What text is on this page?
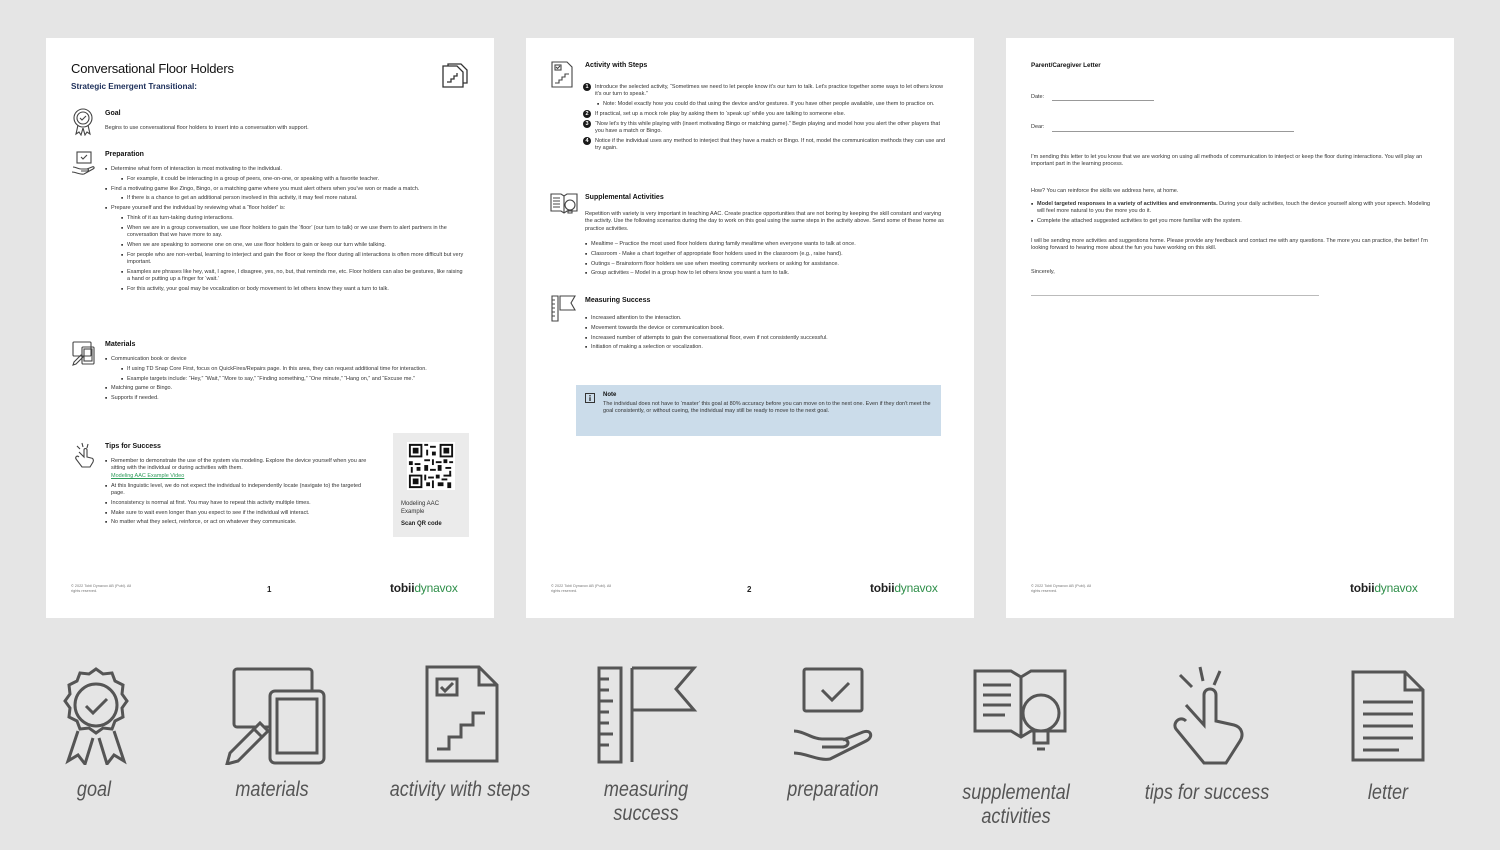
Conversational Floor Holders
Strategic Emergent Transitional:
Goal
Begins to use conversational floor holders to insert into a conversation with support.
Preparation

■ Determine what form of interaction is most motivating to the individual.

■ For example, it could be interacting in a group of peers, one-on-one, or speaking with a favorite teacher.

■ Find a motivating game like Zingo, Bingo, or a matching game where you must alert others when you've won or made a match.

■ If there is a chance to get an additional person involved in this activity, it may feel more natural.

■ Prepare yourself and the individual by reviewing what a “floor holder” is:

■ Think of it as turn-taking during interactions.

■ When we are in a group conversation, we use floor holders to gain the ‘floor’ (our turn to talk) or we use them to alert partners in the conversation that we have more to say.

■ When we are speaking to someone one on one, we use floor holders to gain or keep our turn while talking.

■ For people who are non-verbal, learning to interject and gain the floor or keep the floor during all interactions is often more difficult but very important.

■ Examples are phrases like hey, wait, I agree, I disagree, yes, no, but, that reminds me, etc. Floor holders can also be gestures, like raising a hand or putting up a finger for ‘wait.’

■ For this activity, your goal may be vocalization or body movement to let others know they want a turn to talk.

Materials

■ Communication book or device

■ If using TD Snap Core First, focus on QuickFires/Repairs page. In this area, they can request additional time for interaction.

■ Example targets include: “Hey,” “Wait,” “More to say,” “Finding something,” “One minute,” “Hang on,” and “Excuse me.”

■ Matching game or Bingo.

■ Supports if needed.

Tips for Success

■ Remember to demonstrate the use of the system via modeling. Explore the device yourself when you are sitting with the individual or during activities with them.
Modeling AAC Example Video

■ At this linguistic level, we do not expect the individual to independently locate (navigate to) the targeted page.

■ Inconsistency is normal at first. You may have to repeat this activity multiple times.

■ Make sure to wait even longer than you expect to see if the individual will interact.

■ No matter what they select, reinforce, or act on whatever they communicate.

Modeling AAC Example
Scan QR code
© 2022 Tobii Dynavox AB (Publ). All rights reserved.	1	tobiidynavox
Activity with Steps

1	Introduce the selected activity, “Sometimes we need to let people know it's our turn to talk. Let's practice together some ways to let others know it's our turn to speak.”

■ Note: Model exactly how you could do that using the device and/or gestures. If you have other people available, use them to practice on.

2	If practical, set up a mock role play by asking them to ‘speak up’ while you are talking to someone else.

3	“Now let's try this while playing with (insert motivating Bingo or matching game).” Begin playing and model how you alert the other players that you have a match or Bingo.

4	Notice if the individual uses any method to interject that they have a match or Bingo. If not, model the communication methods they can use and try again.

Supplemental Activities
Repetition with variety is very important in teaching AAC. Create practice opportunities that are not boring by keeping the skill constant and varying the activity. Use the following scenarios during the day to work on this goal using the same steps in the activity above. Send some of these home as practice activities.

■ Mealtime – Practice the most used floor holders during family mealtime when everyone wants to talk at once.

■ Classroom - Make a chart together of appropriate floor holders used in the classroom (e.g., raise hand).

■ Outings – Brainstorm floor holders we use when meeting community workers or asking for assistance.

■ Group activities – Model in a group how to let others know you want a turn to talk.

Measuring Success

■ Increased attention to the interaction.

■ Movement towards the device or communication book.

■ Increased number of attempts to gain the conversational floor, even if not consistently successful.

■ Initiation of making a selection or vocalization.

Note
The individual does not have to ‘master’ this goal at 80% accuracy before you can move on to the next one. Even if they don't meet the goal consistently, or without cueing, the individual may still be ready to move to the next goal.
© 2022 Tobii Dynavox AB (Publ). All rights reserved.	2	tobiidynavox
Parent/Caregiver Letter
Date:
Dear:
I'm sending this letter to let you know that we are working on using all methods of communication to interject or keep the floor during interactions. You will play an important part in the learning process.
How? You can reinforce the skills we address here, at home.

■ Model targeted responses in a variety of activities and environments. During your daily activities, touch the device yourself along with your speech. Modeling will feel more natural to you the more you do it.

■ Complete the attached suggested activities to get you more familiar with the system.

I will be sending more activities and suggestions home. Please provide any feedback and contact me with any questions. The more you can practice, the better! I'm looking forward to hearing more about the fun you have working on this skill.
Sincerely,
© 2022 Tobii Dynavox AB (Publ). All rights reserved.	tobiidynavox
goal	materials	activity with steps	measuring success
preparation	supplemental activities
tips for success	letter
